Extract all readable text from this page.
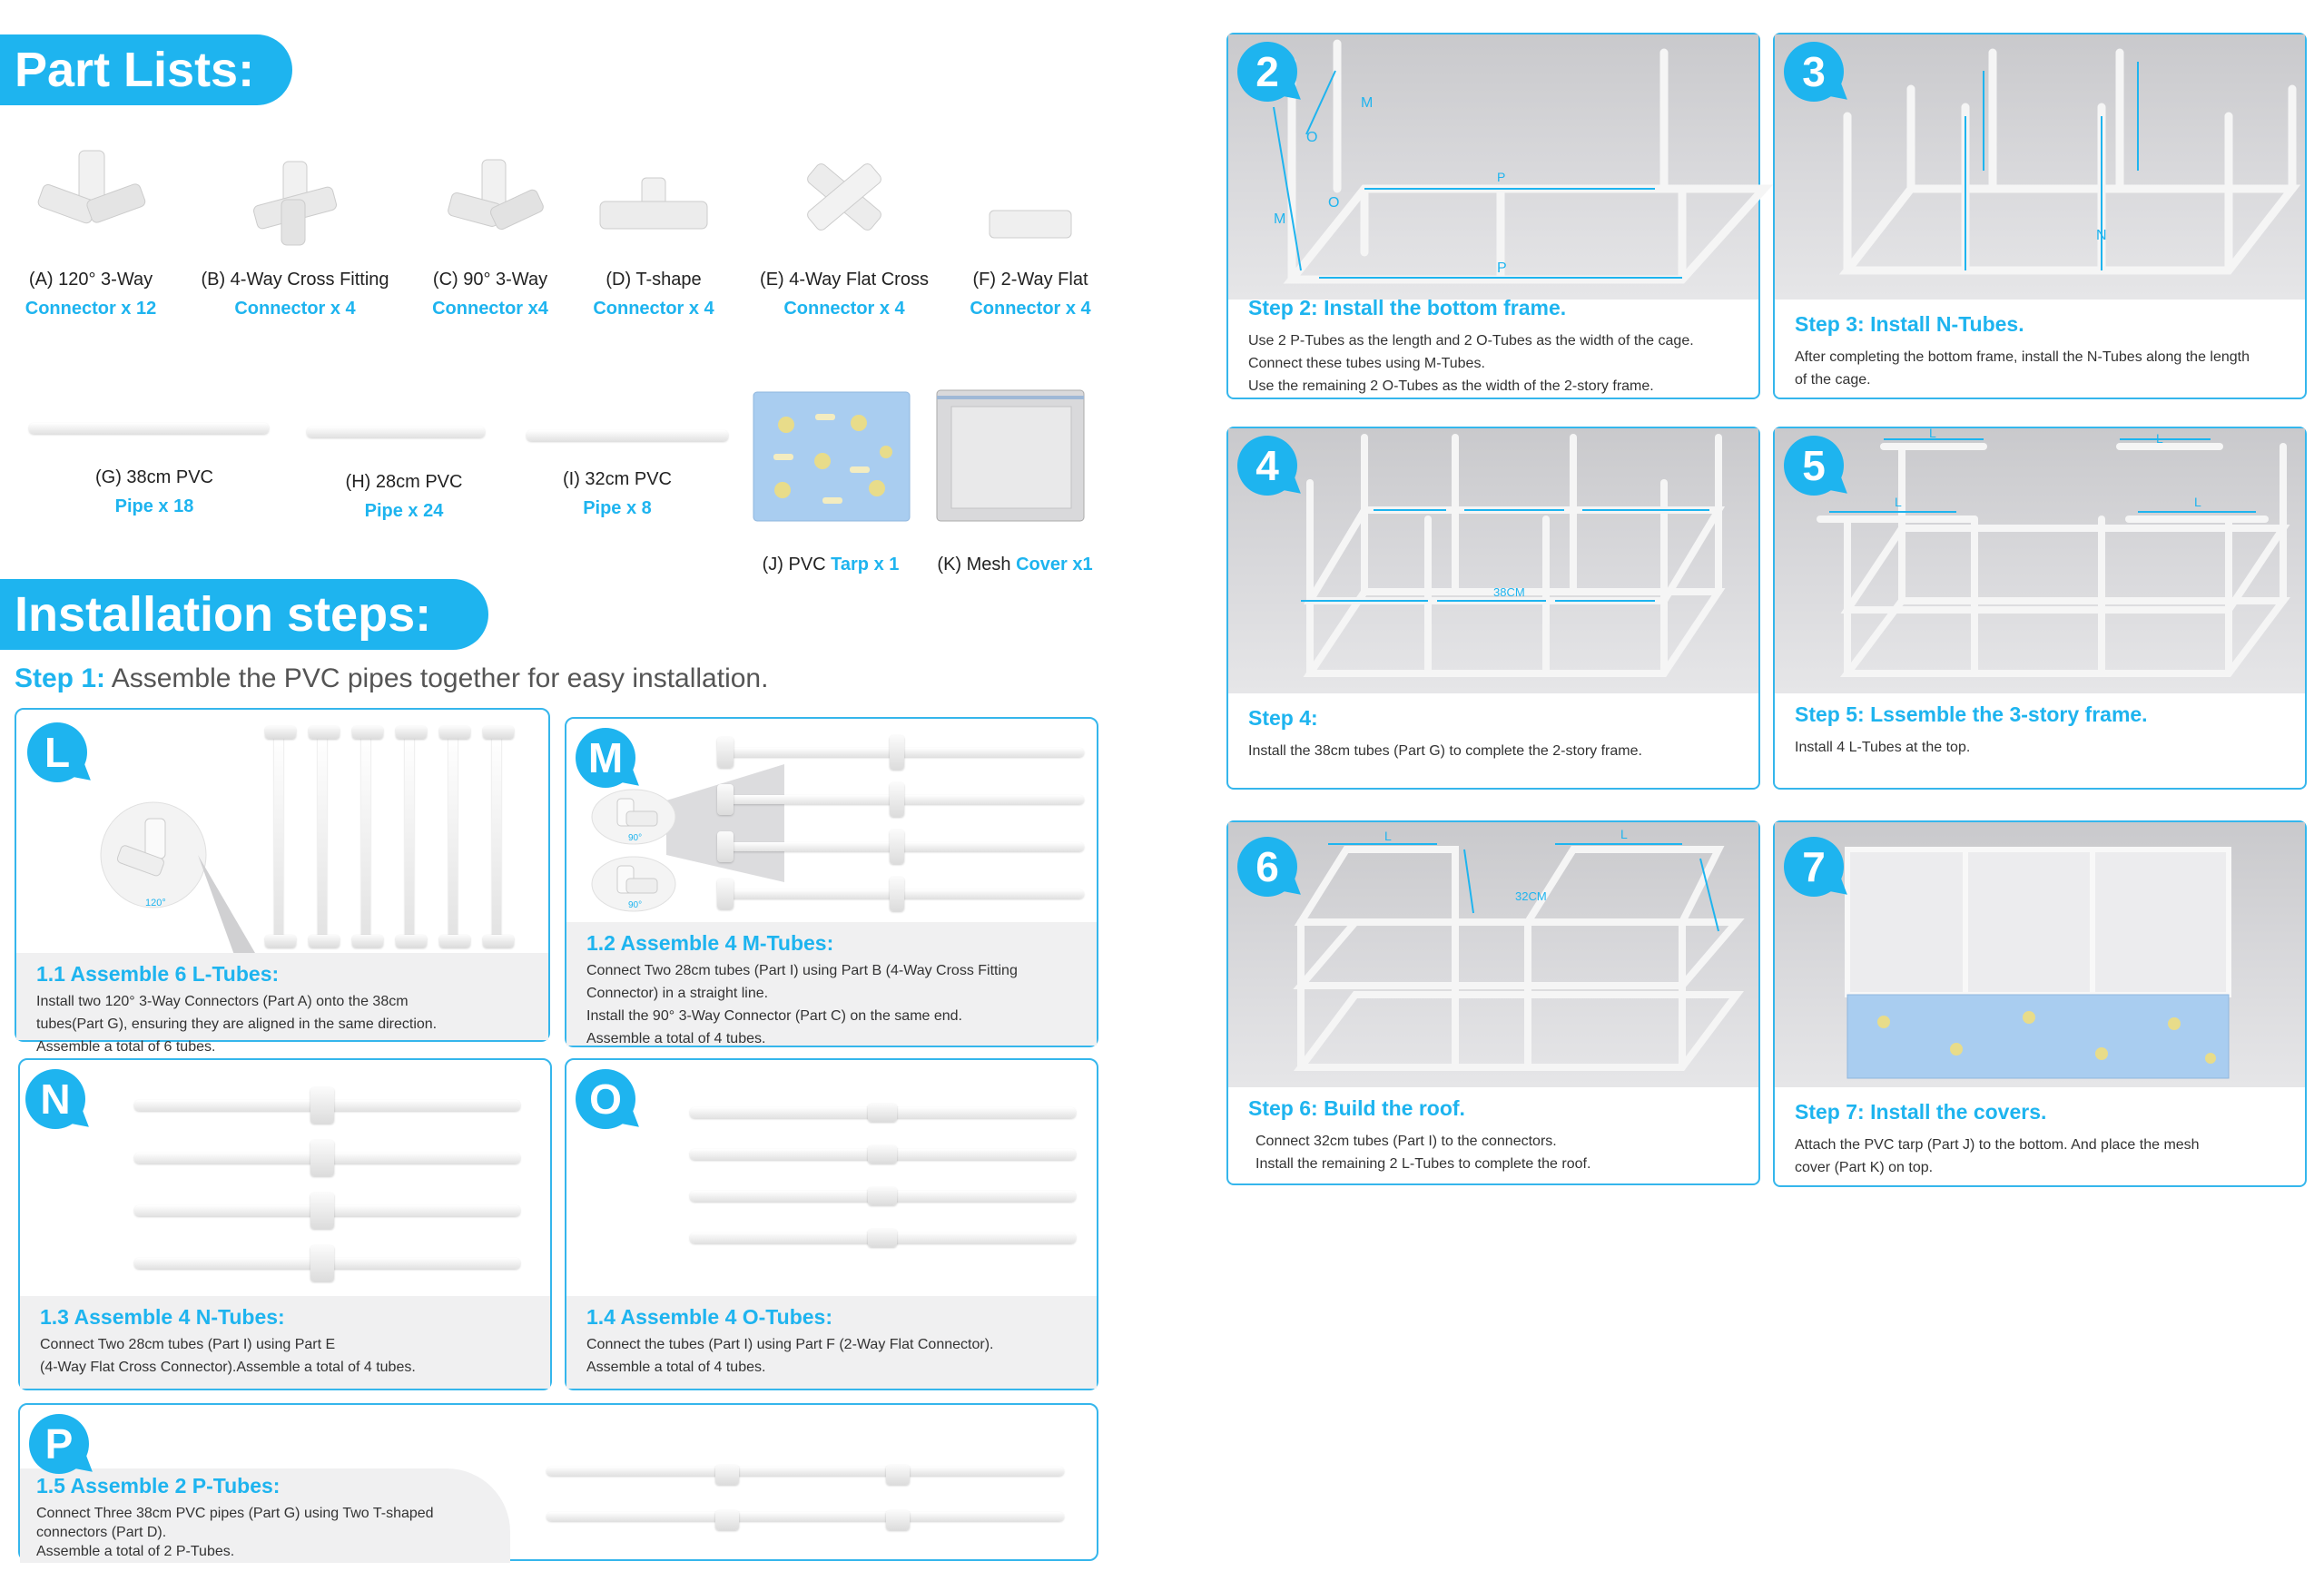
Part Lists:
(A) 120° 3-Way
Connector x 12
(B) 4-Way Cross Fitting
Connector x 4
(C) 90° 3-Way
Connector x4
(D) T-shape
Connector x 4
(E) 4-Way Flat Cross
Connector x 4
(F) 2-Way Flat
Connector x 4
(G) 38cm PVC
Pipe x 18
(H) 28cm PVC
Pipe x 24
(I) 32cm PVC
Pipe x 8
(J) PVC Tarp x 1	(K) Mesh Cover x1
Installation steps:
Step 1: Assemble the PVC pipes together for easy installation.
L
120°
1.1 Assemble 6 L-Tubes:
Install two 120° 3-Way Connectors (Part A) onto the 38cm
tubes(Part G), ensuring they are aligned in the same direction.
Assemble a total of 6 tubes.
M
90°
90°
1.2 Assemble 4 M-Tubes:
Connect Two 28cm tubes (Part I) using Part B (4-Way Cross Fitting
Connector) in a straight line.
Install the 90° 3-Way Connector (Part C) on the same end.
Assemble a total of 4 tubes.
N
1.3 Assemble 4 N-Tubes:
Connect Two 28cm tubes (Part I) using Part E
(4-Way Flat Cross Connector).Assemble a total of 4 tubes.
O
1.4 Assemble 4 O-Tubes:
Connect the tubes (Part I) using Part F (2-Way Flat Connector).
Assemble a total of 4 tubes.
P
1.5 Assemble 2 P-Tubes:
Connect Three 38cm PVC pipes (Part G) using Two T-shaped
connectors (Part D).
Assemble a total of 2 P-Tubes.
O
M
O
M
P
P
2
Step 2: Install the bottom frame.
Use 2 P-Tubes as the length and 2 O-Tubes as the width of the cage.
Connect these tubes using M-Tubes.
Use the remaining 2 O-Tubes as the width of the 2-story frame.
N
3
Step 3: Install N-Tubes.
After completing the bottom frame, install the N-Tubes along the length
of the cage.
38CM
4
Step 4:
Install the 38cm tubes (Part G) to complete the 2-story frame.
L	L
L	L
5
Step 5: Lssemble the 3-story frame.
Install 4 L-Tubes at the top.
L	L
32CM
6
Step 6: Build the roof.
Connect 32cm tubes (Part I) to the connectors.
Install the remaining 2 L-Tubes to complete the roof.
7
Step 7: Install the covers.
Attach the PVC tarp (Part J) to the bottom. And place the mesh
cover (Part K) on top.
